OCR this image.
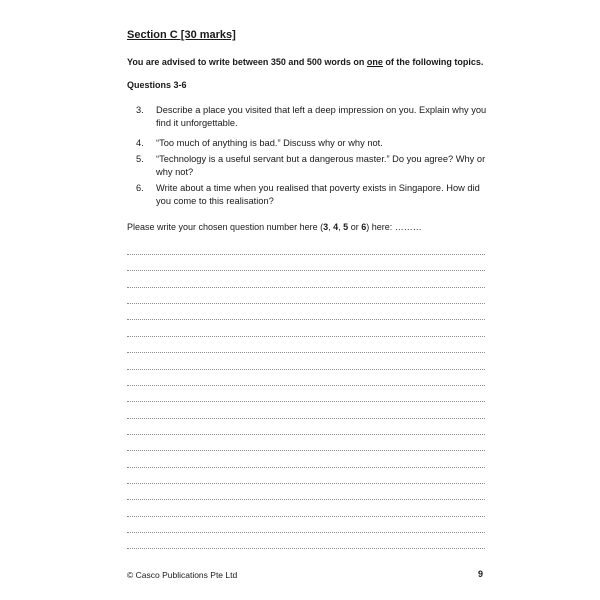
Section C [30 marks]
You are advised to write between 350 and 500 words on one of the following topics.
Questions 3-6
3. Describe a place you visited that left a deep impression on you. Explain why you find it unforgettable.
4. “Too much of anything is bad.” Discuss why or why not.
5. “Technology is a useful servant but a dangerous master.” Do you agree? Why or why not?
6. Write about a time when you realised that poverty exists in Singapore. How did you come to this realisation?
Please write your chosen question number here (3, 4, 5 or 6) here: ………
© Casco Publications Pte Ltd	9
